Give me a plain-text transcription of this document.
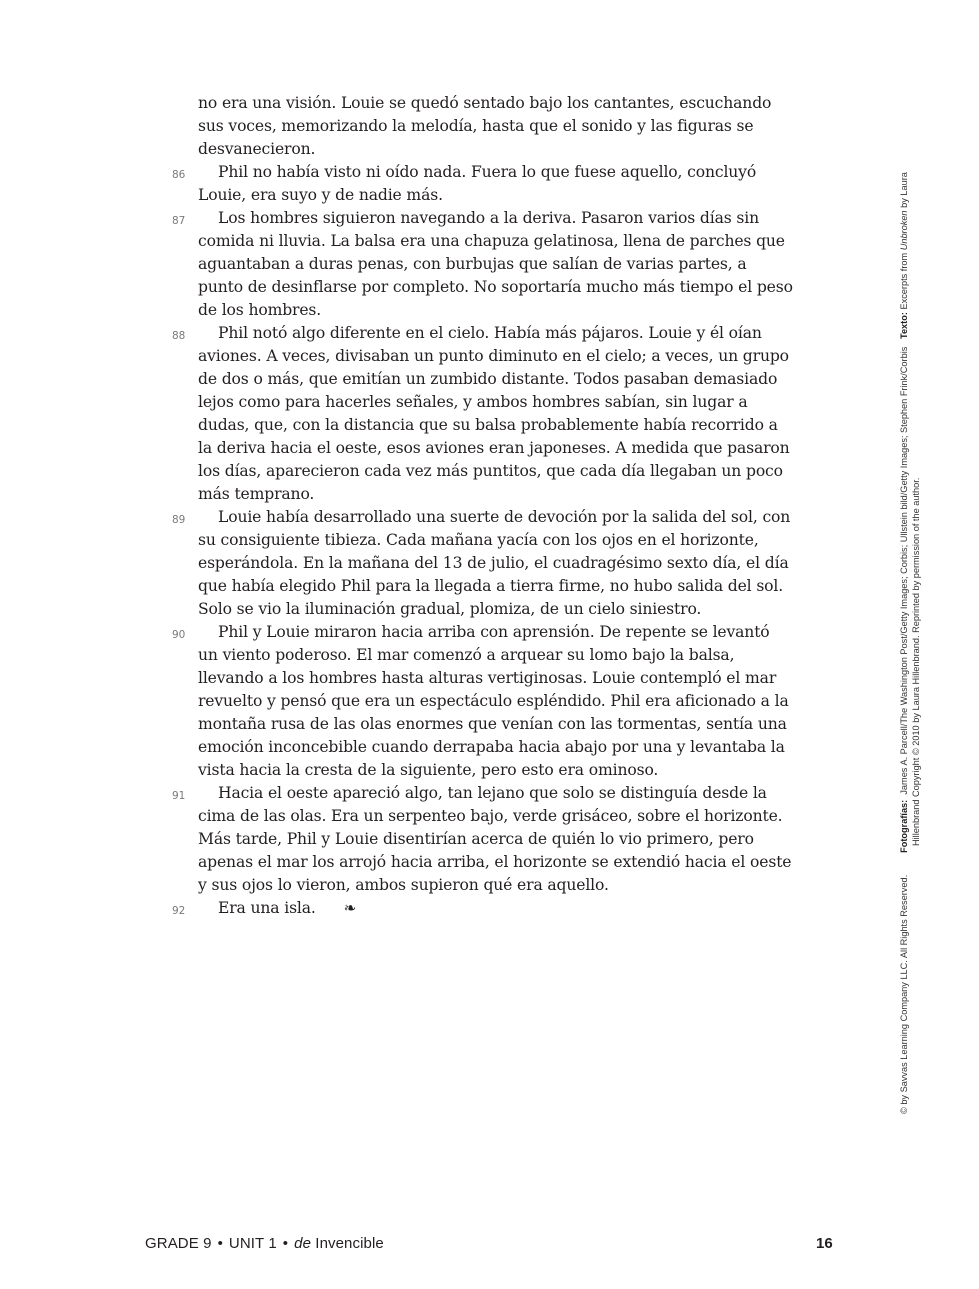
no era una visión. Louie se quedó sentado bajo los cantantes, escuchando sus voces, memorizando la melodía, hasta que el sonido y las figuras se desvanecieron.

86 Phil no había visto ni oído nada. Fuera lo que fuese aquello, concluyó Louie, era suyo y de nadie más.

87 Los hombres siguieron navegando a la deriva. Pasaron varios días sin comida ni lluvia. La balsa era una chapuza gelatinosa, llena de parches que aguantaban a duras penas, con burbujas que salían de varias partes, a punto de desinflarse por completo. No soportaría mucho más tiempo el peso de los hombres.

88 Phil notó algo diferente en el cielo. Había más pájaros. Louie y él oían aviones. A veces, divisaban un punto diminuto en el cielo; a veces, un grupo de dos o más, que emitían un zumbido distante. Todos pasaban demasiado lejos como para hacerles señales, y ambos hombres sabían, sin lugar a dudas, que, con la distancia que su balsa probablemente había recorrido a la deriva hacia el oeste, esos aviones eran japoneses. A medida que pasaron los días, aparecieron cada vez más puntitos, que cada día llegaban un poco más temprano.

89 Louie había desarrollado una suerte de devoción por la salida del sol, con su consiguiente tibieza. Cada mañana yacía con los ojos en el horizonte, esperándola. En la mañana del 13 de julio, el cuadragésimo sexto día, el día que había elegido Phil para la llegada a tierra firme, no hubo salida del sol. Solo se vio la iluminación gradual, plomiza, de un cielo siniestro.

90 Phil y Louie miraron hacia arriba con aprensión. De repente se levantó un viento poderoso. El mar comenzó a arquear su lomo bajo la balsa, llevando a los hombres hasta alturas vertiginosas. Louie contempló el mar revuelto y pensó que era un espectáculo espléndido. Phil era aficionado a la montaña rusa de las olas enormes que venían con las tormentas, sentía una emoción inconcebible cuando derrapaba hacia abajo por una y levantaba la vista hacia la cresta de la siguiente, pero esto era ominoso.

91 Hacia el oeste apareció algo, tan lejano que solo se distinguía desde la cima de las olas. Era un serpenteo bajo, verde grisáceo, sobre el horizonte. Más tarde, Phil y Louie disentirían acerca de quién lo vio primero, pero apenas el mar los arrojó hacia arriba, el horizonte se extendió hacia el oeste y sus ojos lo vieron, ambos supieron qué era aquello.

92 Era una isla. ❧	© by Savvas Learning Company LLC. All Rights Reserved.
Fotografías:

James A. Parcell/The Washington Post/Getty Images; Corbis; Ullstein bild/Getty Images; Stephen Frink/Corbis

Texto:

Excerpts from

Unbroken

by Laura
Hillenbrand Copyright © 2010 by Laura Hillenbrand. Reprinted by permission of the author.
GRADE 9 • UNIT 1 • de Invencible	16
